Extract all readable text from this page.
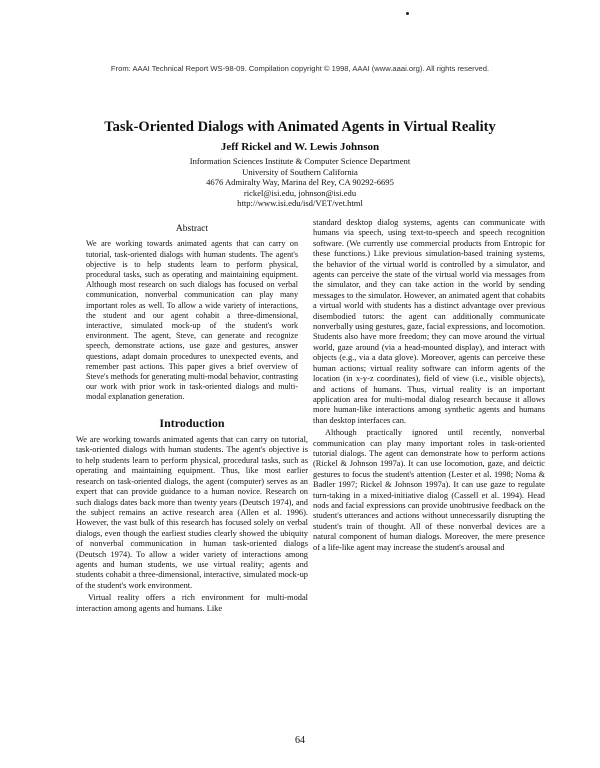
From: AAAI Technical Report WS-98-09. Compilation copyright © 1998, AAAI (www.aaai.org). All rights reserved.
Task-Oriented Dialogs with Animated Agents in Virtual Reality
Jeff Rickel and W. Lewis Johnson
Information Sciences Institute & Computer Science Department
University of Southern California
4676 Admiralty Way, Marina del Rey, CA 90292-6695
rickel@isi.edu, johnson@isi.edu
http://www.isi.edu/isd/VET/vet.html
Abstract
We are working towards animated agents that can carry on tutorial, task-oriented dialogs with human students. The agent's objective is to help students learn to perform physical, procedural tasks, such as operating and maintaining equipment. Although most research on such dialogs has focused on verbal communication, nonverbal communication can play many important roles as well. To allow a wide variety of interactions, the student and our agent cohabit a three-dimensional, interactive, simulated mock-up of the student's work environment. The agent, Steve, can generate and recognize speech, demonstrate actions, use gaze and gestures, answer questions, adapt domain procedures to unexpected events, and remember past actions. This paper gives a brief overview of Steve's methods for generating multi-modal behavior, contrasting our work with prior work in task-oriented dialogs and multi-modal explanation generation.
Introduction

We are working towards animated agents that can carry on tutorial, task-oriented dialogs with human students. The agent's objective is to help students learn to perform physical, procedural tasks, such as operating and maintaining equipment. Thus, like most earlier research on task-oriented dialogs, the agent (computer) serves as an expert that can provide guidance to a human novice. Research on such dialogs dates back more than twenty years (Deutsch 1974), and the subject remains an active research area (Allen et al. 1996). However, the vast bulk of this research has focused solely on verbal dialogs, even though the earliest studies clearly showed the ubiquity of nonverbal communication in human task-oriented dialogs (Deutsch 1974). To allow a wider variety of interactions among agents and human students, we use virtual reality; agents and students cohabit a three-dimensional, interactive, simulated mock-up of the student's work environment.

Virtual reality offers a rich environment for multi-modal interaction among agents and humans. Like

standard desktop dialog systems, agents can communicate with humans via speech, using text-to-speech and speech recognition software. (We currently use commercial products from Entropic for these functions.) Like previous simulation-based training systems, the behavior of the virtual world is controlled by a simulator, and agents can perceive the state of the virtual world via messages from the simulator, and they can take action in the world by sending messages to the simulator. However, an animated agent that cohabits a virtual world with students has a distinct advantage over previous disembodied tutors: the agent can additionally communicate nonverbally using gestures, gaze, facial expressions, and locomotion. Students also have more freedom; they can move around the virtual world, gaze around (via a head-mounted display), and interact with objects (e.g., via a data glove). Moreover, agents can perceive these human actions; virtual reality software can inform agents of the location (in x-y-z coordinates), field of view (i.e., visible objects), and actions of humans. Thus, virtual reality is an important application area for multi-modal dialog research because it allows more human-like interactions among synthetic agents and humans than desktop interfaces can.

Although practically ignored until recently, nonverbal communication can play many important roles in task-oriented tutorial dialogs. The agent can demonstrate how to perform actions (Rickel & Johnson 1997a). It can use locomotion, gaze, and deictic gestures to focus the student's attention (Lester et al. 1998; Noma & Badler 1997; Rickel & Johnson 1997a). It can use gaze to regulate turn-taking in a mixed-initiative dialog (Cassell et al. 1994). Head nods and facial expressions can provide unobtrusive feedback on the student's utterances and actions without unnecessarily disrupting the student's train of thought. All of these nonverbal devices are a natural component of human dialogs. Moreover, the mere presence of a life-like agent may increase the student's arousal and

64
